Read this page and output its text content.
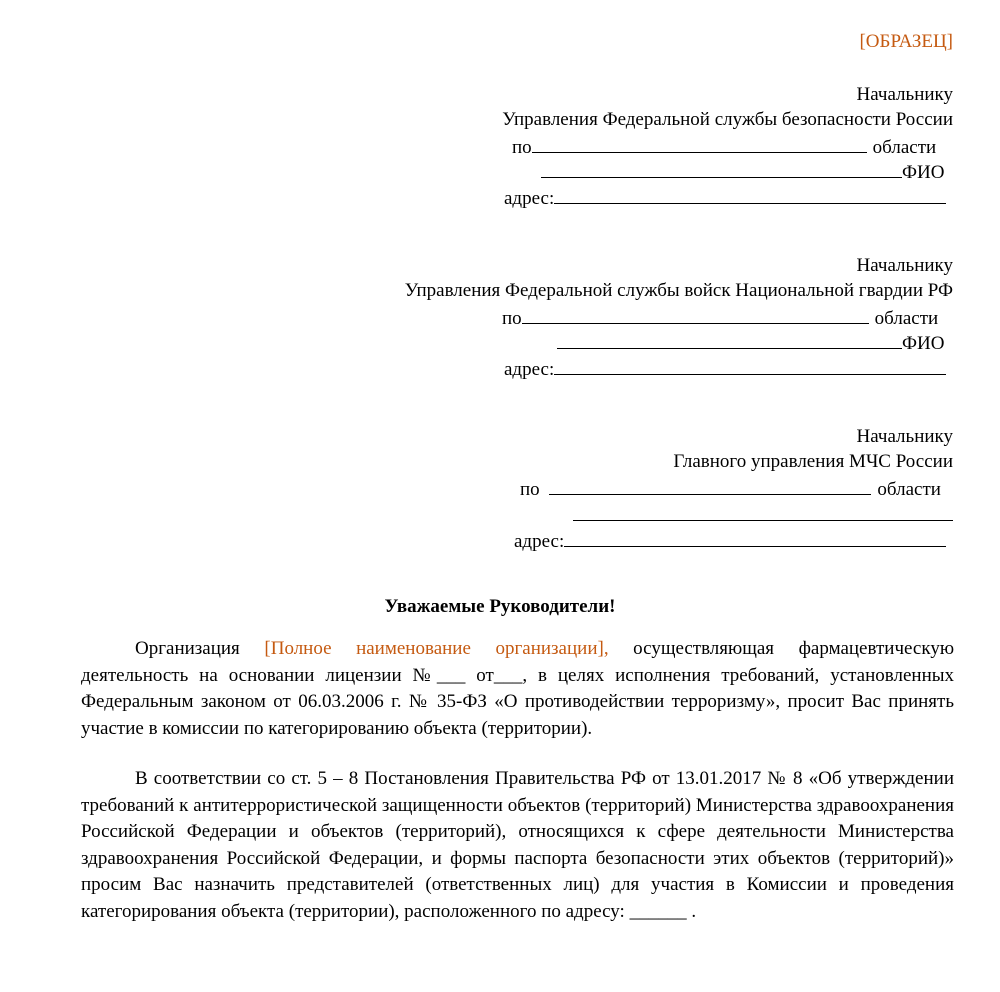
[ОБРАЗЕЦ]
Начальнику
Управления Федеральной службы безопасности России
по	области
ФИО
адрес:
Начальнику
Управления Федеральной службы войск Национальной гвардии РФ
по	области
ФИО
адрес:
Начальнику
Главного управления МЧС России
по	области
адрес:
Уважаемые Руководители!
Организация [Полное наименование организации], осуществляющая фармацевтическую деятельность на основании лицензии №___ от___, в целях исполнения требований, установленных Федеральным законом от 06.03.2006 г. № 35-ФЗ «О противодействии терроризму», просит Вас принять участие в комиссии по категорированию объекта (территории).
В соответствии со ст. 5 – 8 Постановления Правительства РФ от 13.01.2017 № 8 «Об утверждении требований к антитеррористической защищенности объектов (территорий) Министерства здравоохранения Российской Федерации и объектов (территорий), относящихся к сфере деятельности Министерства здравоохранения Российской Федерации, и формы паспорта безопасности этих объектов (территорий)» просим Вас назначить представителей (ответственных лиц) для участия в Комиссии и проведения категорирования объекта (территории), расположенного по адресу: ______ .
